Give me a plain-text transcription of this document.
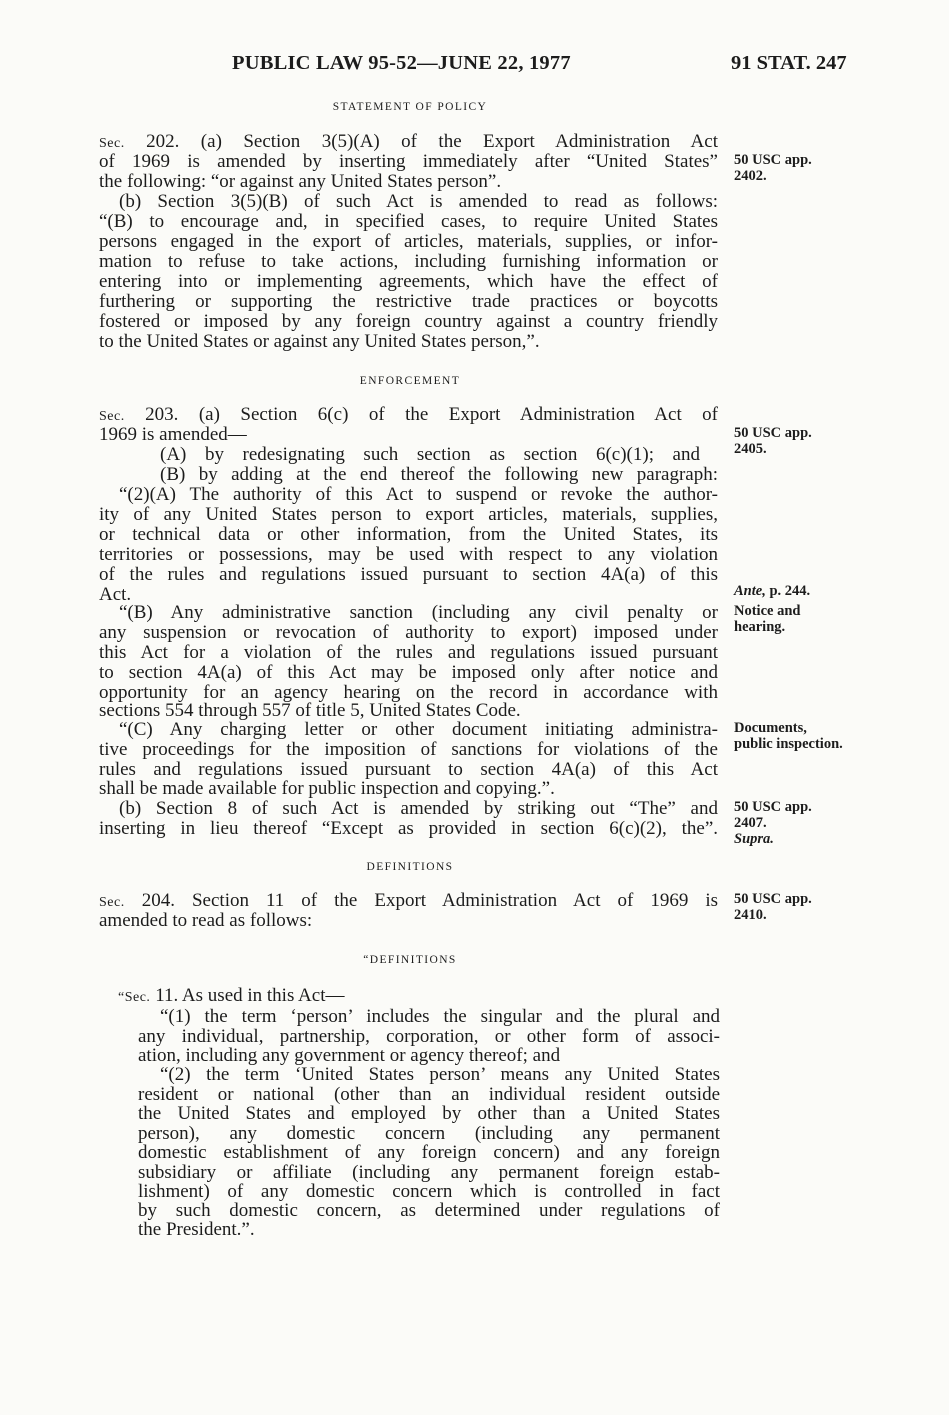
PUBLIC LAW 95-52—JUNE 22, 1977	91 STAT. 247
STATEMENT OF POLICY
Sec. 202. (a) Section 3(5)(A) of the Export Administration Act
of 1969 is amended by inserting immediately after “United States”
the following: “or against any United States person”.
(b) Section 3(5)(B) of such Act is amended to read as follows:
“(B) to encourage and, in specified cases, to require United States
persons engaged in the export of articles, materials, supplies, or infor-
mation to refuse to take actions, including furnishing information or
entering into or implementing agreements, which have the effect of
furthering or supporting the restrictive trade practices or boycotts
fostered or imposed by any foreign country against a country friendly
to the United States or against any United States person,”.
50 USC app.
2402.
ENFORCEMENT
Sec. 203. (a) Section 6(c) of the Export Administration Act of
1969 is amended—
(A) by redesignating such section as section 6(c)(1); and
(B) by adding at the end thereof the following new paragraph:
“(2)(A) The authority of this Act to suspend or revoke the author-
ity of any United States person to export articles, materials, supplies,
or technical data or other information, from the United States, its
territories or possessions, may be used with respect to any violation
of the rules and regulations issued pursuant to section 4A(a) of this
Act.
“(B) Any administrative sanction (including any civil penalty or
any suspension or revocation of authority to export) imposed under
this Act for a violation of the rules and regulations issued pursuant
to section 4A(a) of this Act may be imposed only after notice and
opportunity for an agency hearing on the record in accordance with
sections 554 through 557 of title 5, United States Code.
“(C) Any charging letter or other document initiating administra-
tive proceedings for the imposition of sanctions for violations of the
rules and regulations issued pursuant to section 4A(a) of this Act
shall be made available for public inspection and copying.”.
(b) Section 8 of such Act is amended by striking out “The” and
inserting in lieu thereof “Except as provided in section 6(c)(2), the”.
50 USC app.
2405.
Ante, p. 244.
Notice and
hearing.
Documents,
public inspection.
50 USC app.
2407.
Supra.
DEFINITIONS
Sec. 204. Section 11 of the Export Administration Act of 1969 is
amended to read as follows:
50 USC app.
2410.
“DEFINITIONS
“Sec. 11. As used in this Act—
“(1) the term ‘person’ includes the singular and the plural and
any individual, partnership, corporation, or other form of associ-
ation, including any government or agency thereof; and
“(2) the term ‘United States person’ means any United States
resident or national (other than an individual resident outside
the United States and employed by other than a United States
person), any domestic concern (including any permanent
domestic establishment of any foreign concern) and any foreign
subsidiary or affiliate (including any permanent foreign estab-
lishment) of any domestic concern which is controlled in fact
by such domestic concern, as determined under regulations of
the President.”.
